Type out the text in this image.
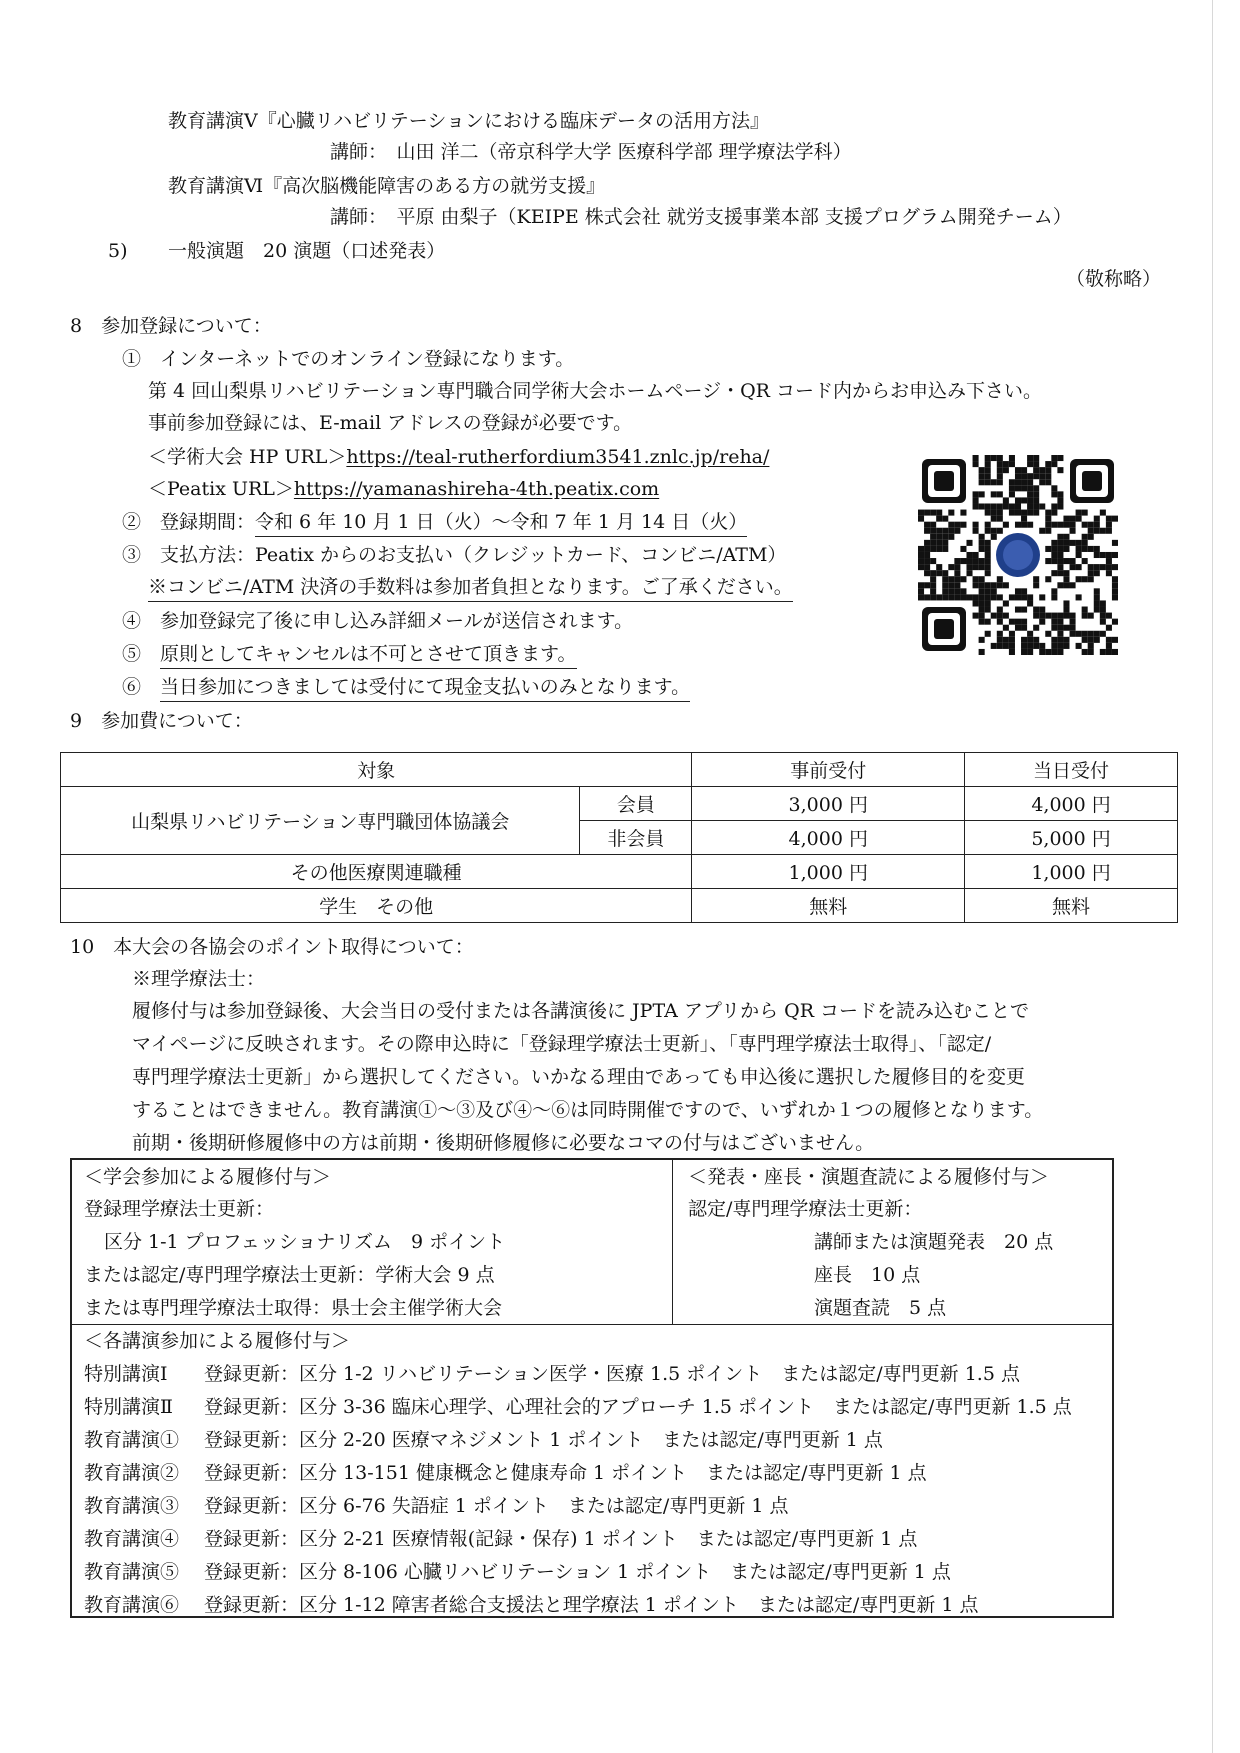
教育講演Ⅴ『心臓リハビリテーションにおける臨床データの活用方法』
講師：　山田 洋二（帝京科学大学 医療科学部 理学療法学科）
教育講演Ⅵ『高次脳機能障害のある方の就労支援』
講師：　平原 由梨子（KEIPE 株式会社 就労支援事業本部 支援プログラム開発チーム）
5) 一般演題　20 演題（口述発表）
（敬称略）
8　参加登録について：
①　インターネットでのオンライン登録になります。
第 4 回山梨県リハビリテーション専門職合同学術大会ホームページ・QR コード内からお申込み下さい。
事前参加登録には、E-mail アドレスの登録が必要です。
＜学術大会 HP URL＞https://teal-rutherfordium3541.znlc.jp/reha/
＜Peatix URL＞https://yamanashireha-4th.peatix.com
②　登録期間：令和 6 年 10 月 1 日（火）～令和 7 年 1 月 14 日（火）
③　支払方法：Peatix からのお支払い（クレジットカード、コンビニ/ATM）
※コンビニ/ATM 決済の手数料は参加者負担となります。ご了承ください。
④　参加登録完了後に申し込み詳細メールが送信されます。
⑤　原則としてキャンセルは不可とさせて頂きます。
⑥　当日参加につきましては受付にて現金支払いのみとなります。
9　参加費について：
対象		事前受付	当日受付
山梨県リハビリテーション専門職団体協議会	会員	3,000 円	4,000 円
	非会員	4,000 円	5,000 円
その他医療関連職種		1,000 円	1,000 円
学生　その他		無料	無料
10　本大会の各協会のポイント取得について：
※理学療法士：
履修付与は参加登録後、大会当日の受付または各講演後に JPTA アプリから QR コードを読み込むことで
マイページに反映されます。その際申込時に「登録理学療法士更新」、「専門理学療法士取得」、「認定/
専門理学療法士更新」から選択してください。いかなる理由であっても申込後に選択した履修目的を変更
することはできません。教育講演①～③及び④～⑥は同時開催ですので、いずれか１つの履修となります。
前期・後期研修履修中の方は前期・後期研修履修に必要なコマの付与はございません。
＜学会参加による履修付与＞
登録理学療法士更新：
区分 1-1 プロフェッショナリズム　9 ポイント
または認定/専門理学療法士更新：学術大会 9 点
または専門理学療法士取得：県士会主催学術大会
＜発表・座長・演題査読による履修付与＞
認定/専門理学療法士更新：
講師または演題発表　20 点
座長　10 点
演題査読　5 点
＜各講演参加による履修付与＞
特別講演Ⅰ 登録更新：区分 1-2 リハビリテーション医学・医療 1.5 ポイント　または認定/専門更新 1.5 点
特別講演Ⅱ 登録更新：区分 3-36 臨床心理学、心理社会的アプローチ 1.5 ポイント　または認定/専門更新 1.5 点
教育講演① 登録更新：区分 2-20 医療マネジメント 1 ポイント　または認定/専門更新 1 点
教育講演② 登録更新：区分 13-151 健康概念と健康寿命 1 ポイント　または認定/専門更新 1 点
教育講演③ 登録更新：区分 6-76 失語症 1 ポイント　または認定/専門更新 1 点
教育講演④ 登録更新：区分 2-21 医療情報(記録・保存) 1 ポイント　または認定/専門更新 1 点
教育講演⑤ 登録更新：区分 8-106 心臓リハビリテーション 1 ポイント　または認定/専門更新 1 点
教育講演⑥ 登録更新：区分 1-12 障害者総合支援法と理学療法 1 ポイント　または認定/専門更新 1 点
